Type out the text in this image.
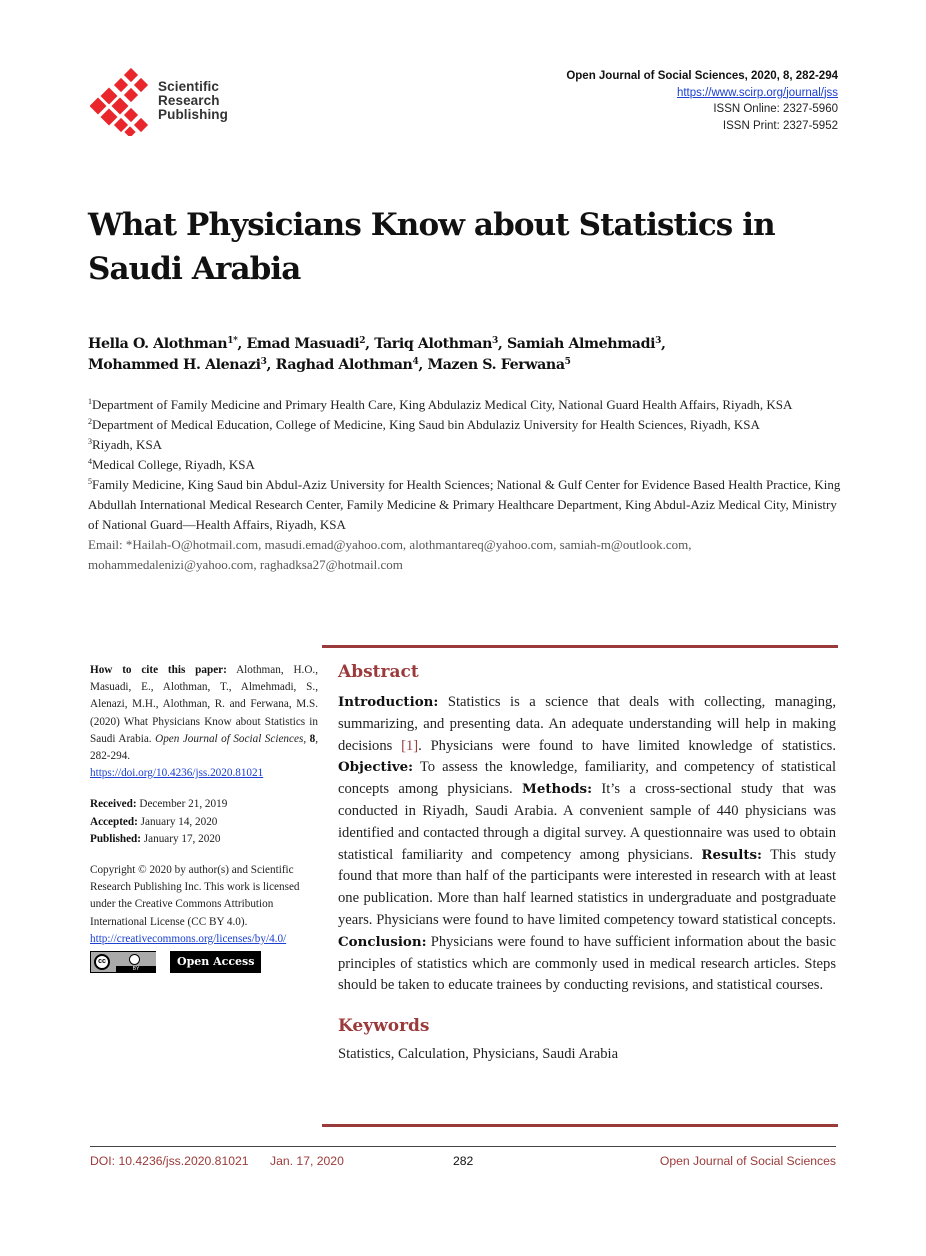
Scientific
Research
Publishing
Open Journal of Social Sciences, 2020, 8, 282-294
https://www.scirp.org/journal/jss
ISSN Online: 2327-5960
ISSN Print: 2327-5952
What Physicians Know about Statistics in Saudi Arabia
Hella O. Alothman$^{1*}$, Emad Masuadi$^2$, Tariq Alothman$^3$, Samiah Almehmadi$^3$,
Mohammed H. Alenazi$^3$, Raghad Alothman$^4$, Mazen S. Ferwana$^5$
$^1$Department of Family Medicine and Primary Health Care, King Abdulaziz Medical City, National Guard Health Affairs, Riyadh, KSA
$^2$Department of Medical Education, College of Medicine, King Saud bin Abdulaziz University for Health Sciences, Riyadh, KSA
$^3$Riyadh, KSA
$^4$Medical College, Riyadh, KSA
$^5$Family Medicine, King Saud bin Abdul-Aziz University for Health Sciences; National & Gulf Center for Evidence Based Health Practice, King Abdullah International Medical Research Center, Family Medicine & Primary Healthcare Department, King Abdul-Aziz Medical City, Ministry of National Guard—Health Affairs, Riyadh, KSA
Email: *Hailah-O@hotmail.com, masudi.emad@yahoo.com, alothmantareq@yahoo.com, samiah-m@outlook.com,
mohammedalenizi@yahoo.com, raghadksa27@hotmail.com
How to cite this paper: Alothman, H.O., Masuadi, E., Alothman, T., Almehmadi, S., Alenazi, M.H., Alothman, R. and Ferwana, M.S. (2020) What Physicians Know about Statistics in Saudi Arabia. Open Journal of Social Sciences, 8, 282-294.
https://doi.org/10.4236/jss.2020.81021
Received: December 21, 2019
Accepted: January 14, 2020
Published: January 17, 2020
Copyright © 2020 by author(s) and Scientific Research Publishing Inc. This work is licensed under the Creative Commons Attribution International License (CC BY 4.0).
http://creativecommons.org/licenses/by/4.0/
cc
BY
Open Access
Abstract
Introduction: Statistics is a science that deals with collecting, managing, summarizing, and presenting data. An adequate understanding will help in making decisions [1]. Physicians were found to have limited knowledge of statistics. Objective: To assess the knowledge, familiarity, and competency of statistical concepts among physicians. Methods: It’s a cross-sectional study that was conducted in Riyadh, Saudi Arabia. A convenient sample of 440 physicians was identified and contacted through a digital survey. A questionnaire was used to obtain statistical familiarity and competency among physicians. Results: This study found that more than half of the participants were interested in research with at least one publication. More than half learned statistics in undergraduate and postgraduate years. Physicians were found to have limited competency toward statistical concepts. Conclusion: Physicians were found to have sufficient information about the basic principles of statistics which are commonly used in medical research articles. Steps should be taken to educate trainees by conducting revisions, and statistical courses.
Keywords
Statistics, Calculation, Physicians, Saudi Arabia
DOI: 10.4236/jss.2020.81021 Jan. 17, 2020	282	Open Journal of Social Sciences
